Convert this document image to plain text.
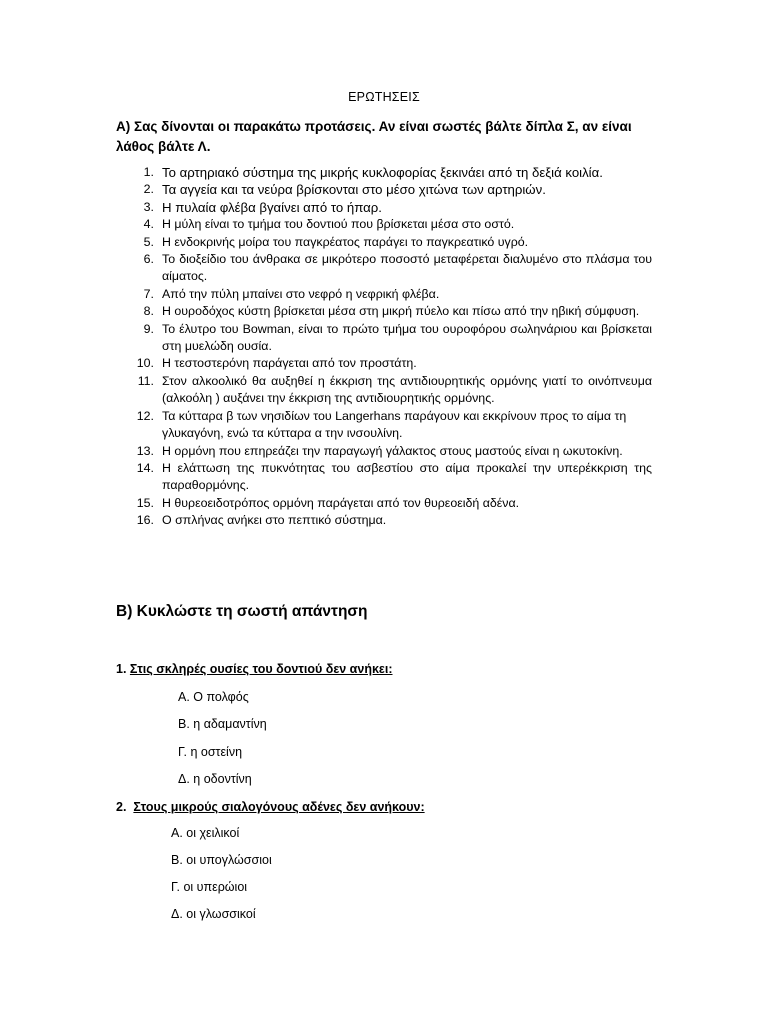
ΕΡΩΤΗΣΕΙΣ
Α) Σας δίνονται οι παρακάτω προτάσεις. Αν είναι σωστές βάλτε δίπλα Σ, αν είναι λάθος βάλτε Λ.
1. Το αρτηριακό σύστημα της μικρής κυκλοφορίας ξεκινάει από τη δεξιά κοιλία.
2. Τα αγγεία και τα νεύρα βρίσκονται στο μέσο χιτώνα των αρτηριών.
3. Η πυλαία φλέβα βγαίνει από το ήπαρ.
4. Η μύλη είναι το τμήμα του δοντιού που βρίσκεται μέσα στο οστό.
5. Η ενδοκρινής μοίρα του παγκρέατος παράγει το παγκρεατικό υγρό.
6. Το διοξείδιο του άνθρακα σε μικρότερο ποσοστό μεταφέρεται διαλυμένο στο πλάσμα του αίματος.
7. Από την πύλη μπαίνει στο νεφρό η νεφρική φλέβα.
8. Η ουροδόχος κύστη βρίσκεται μέσα στη μικρή πύελο και πίσω από την ηβική σύμφυση.
9. Το έλυτρο του Bowman, είναι το πρώτο τμήμα του ουροφόρου σωληνάριου και βρίσκεται στη μυελώδη ουσία.
10. Η τεστοστερόνη παράγεται από τον προστάτη.
11. Στον αλκοολικό θα αυξηθεί η έκκριση της αντιδιουρητικής ορμόνης γιατί το οινόπνευμα (αλκοόλη ) αυξάνει την έκκριση της αντιδιουρητικής ορμόνης.
12. Τα κύτταρα β των νησιδίων του Langerhans παράγουν και εκκρίνουν προς το αίμα τη
γλυκαγόνη, ενώ τα κύτταρα α την ινσουλίνη.
13. Η ορμόνη που επηρεάζει την παραγωγή γάλακτος στους μαστούς είναι η ωκυτοκίνη.
14. Η ελάττωση της πυκνότητας του ασβεστίου στο αίμα προκαλεί την υπερέκκριση της παραθορμόνης.
15. Η θυρεοειδοτρόπος ορμόνη παράγεται από τον θυρεοειδή αδένα.
16. Ο σπλήνας ανήκει στο πεπτικό σύστημα.
Β) Κυκλώστε τη σωστή απάντηση
1. Στις σκληρές ουσίες του δοντιού δεν ανήκει:
Α. Ο πολφός
Β. η αδαμαντίνη
Γ. η οστείνη
Δ. η οδοντίνη
2. Στους μικρούς σιαλογόνους αδένες δεν ανήκουν:
Α. οι χειλικοί
Β. οι υπογλώσσιοι
Γ. οι υπερώιοι
Δ. οι γλωσσικοί
